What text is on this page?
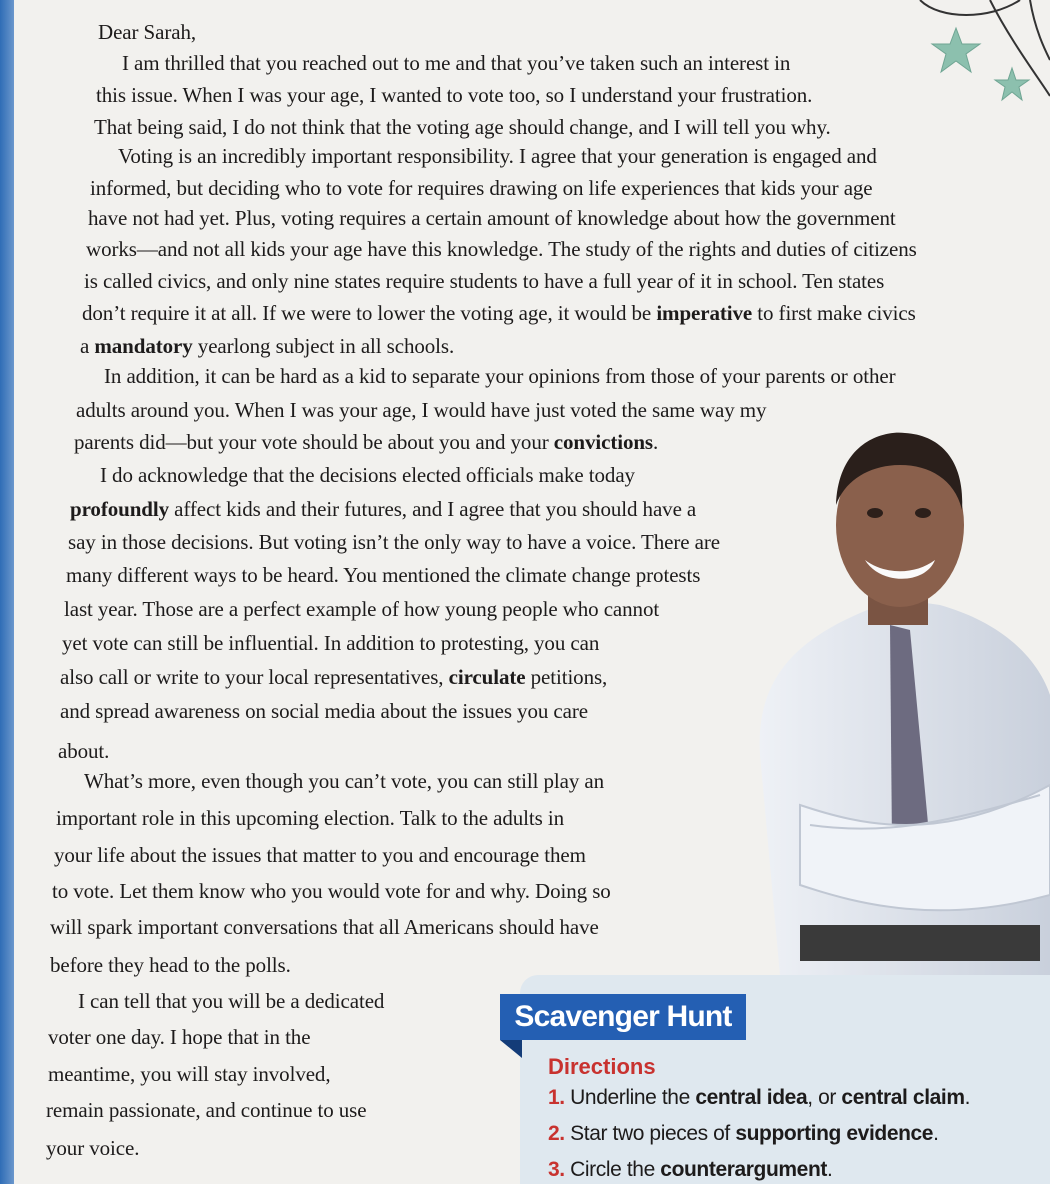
Dear Sarah,
I am thrilled that you reached out to me and that you’ve taken such an interest in
this issue. When I was your age, I wanted to vote too, so I understand your frustration.
That being said, I do not think that the voting age should change, and I will tell you why.
Voting is an incredibly important responsibility. I agree that your generation is engaged and
informed, but deciding who to vote for requires drawing on life experiences that kids your age
have not had yet. Plus, voting requires a certain amount of knowledge about how the government
works—and not all kids your age have this knowledge. The study of the rights and duties of citizens
is called civics, and only nine states require students to have a full year of it in school. Ten states
don’t require it at all. If we were to lower the voting age, it would be imperative to first make civics
a mandatory yearlong subject in all schools.
In addition, it can be hard as a kid to separate your opinions from those of your parents or other
adults around you. When I was your age, I would have just voted the same way my
parents did—but your vote should be about you and your convictions.
I do acknowledge that the decisions elected officials make today
profoundly affect kids and their futures, and I agree that you should have a
say in those decisions. But voting isn’t the only way to have a voice. There are
many different ways to be heard. You mentioned the climate change protests
last year. Those are a perfect example of how young people who cannot
yet vote can still be influential. In addition to protesting, you can
also call or write to your local representatives, circulate petitions,
and spread awareness on social media about the issues you care
about.
What’s more, even though you can’t vote, you can still play an
important role in this upcoming election. Talk to the adults in
your life about the issues that matter to you and encourage them
to vote. Let them know who you would vote for and why. Doing so
will spark important conversations that all Americans should have
before they head to the polls.
I can tell that you will be a dedicated
voter one day. I hope that in the
meantime, you will stay involved,
remain passionate, and continue to use
your voice.
Scavenger Hunt
Directions
1. Underline the central idea, or central claim.
2. Star two pieces of supporting evidence.
3. Circle the counterargument.
